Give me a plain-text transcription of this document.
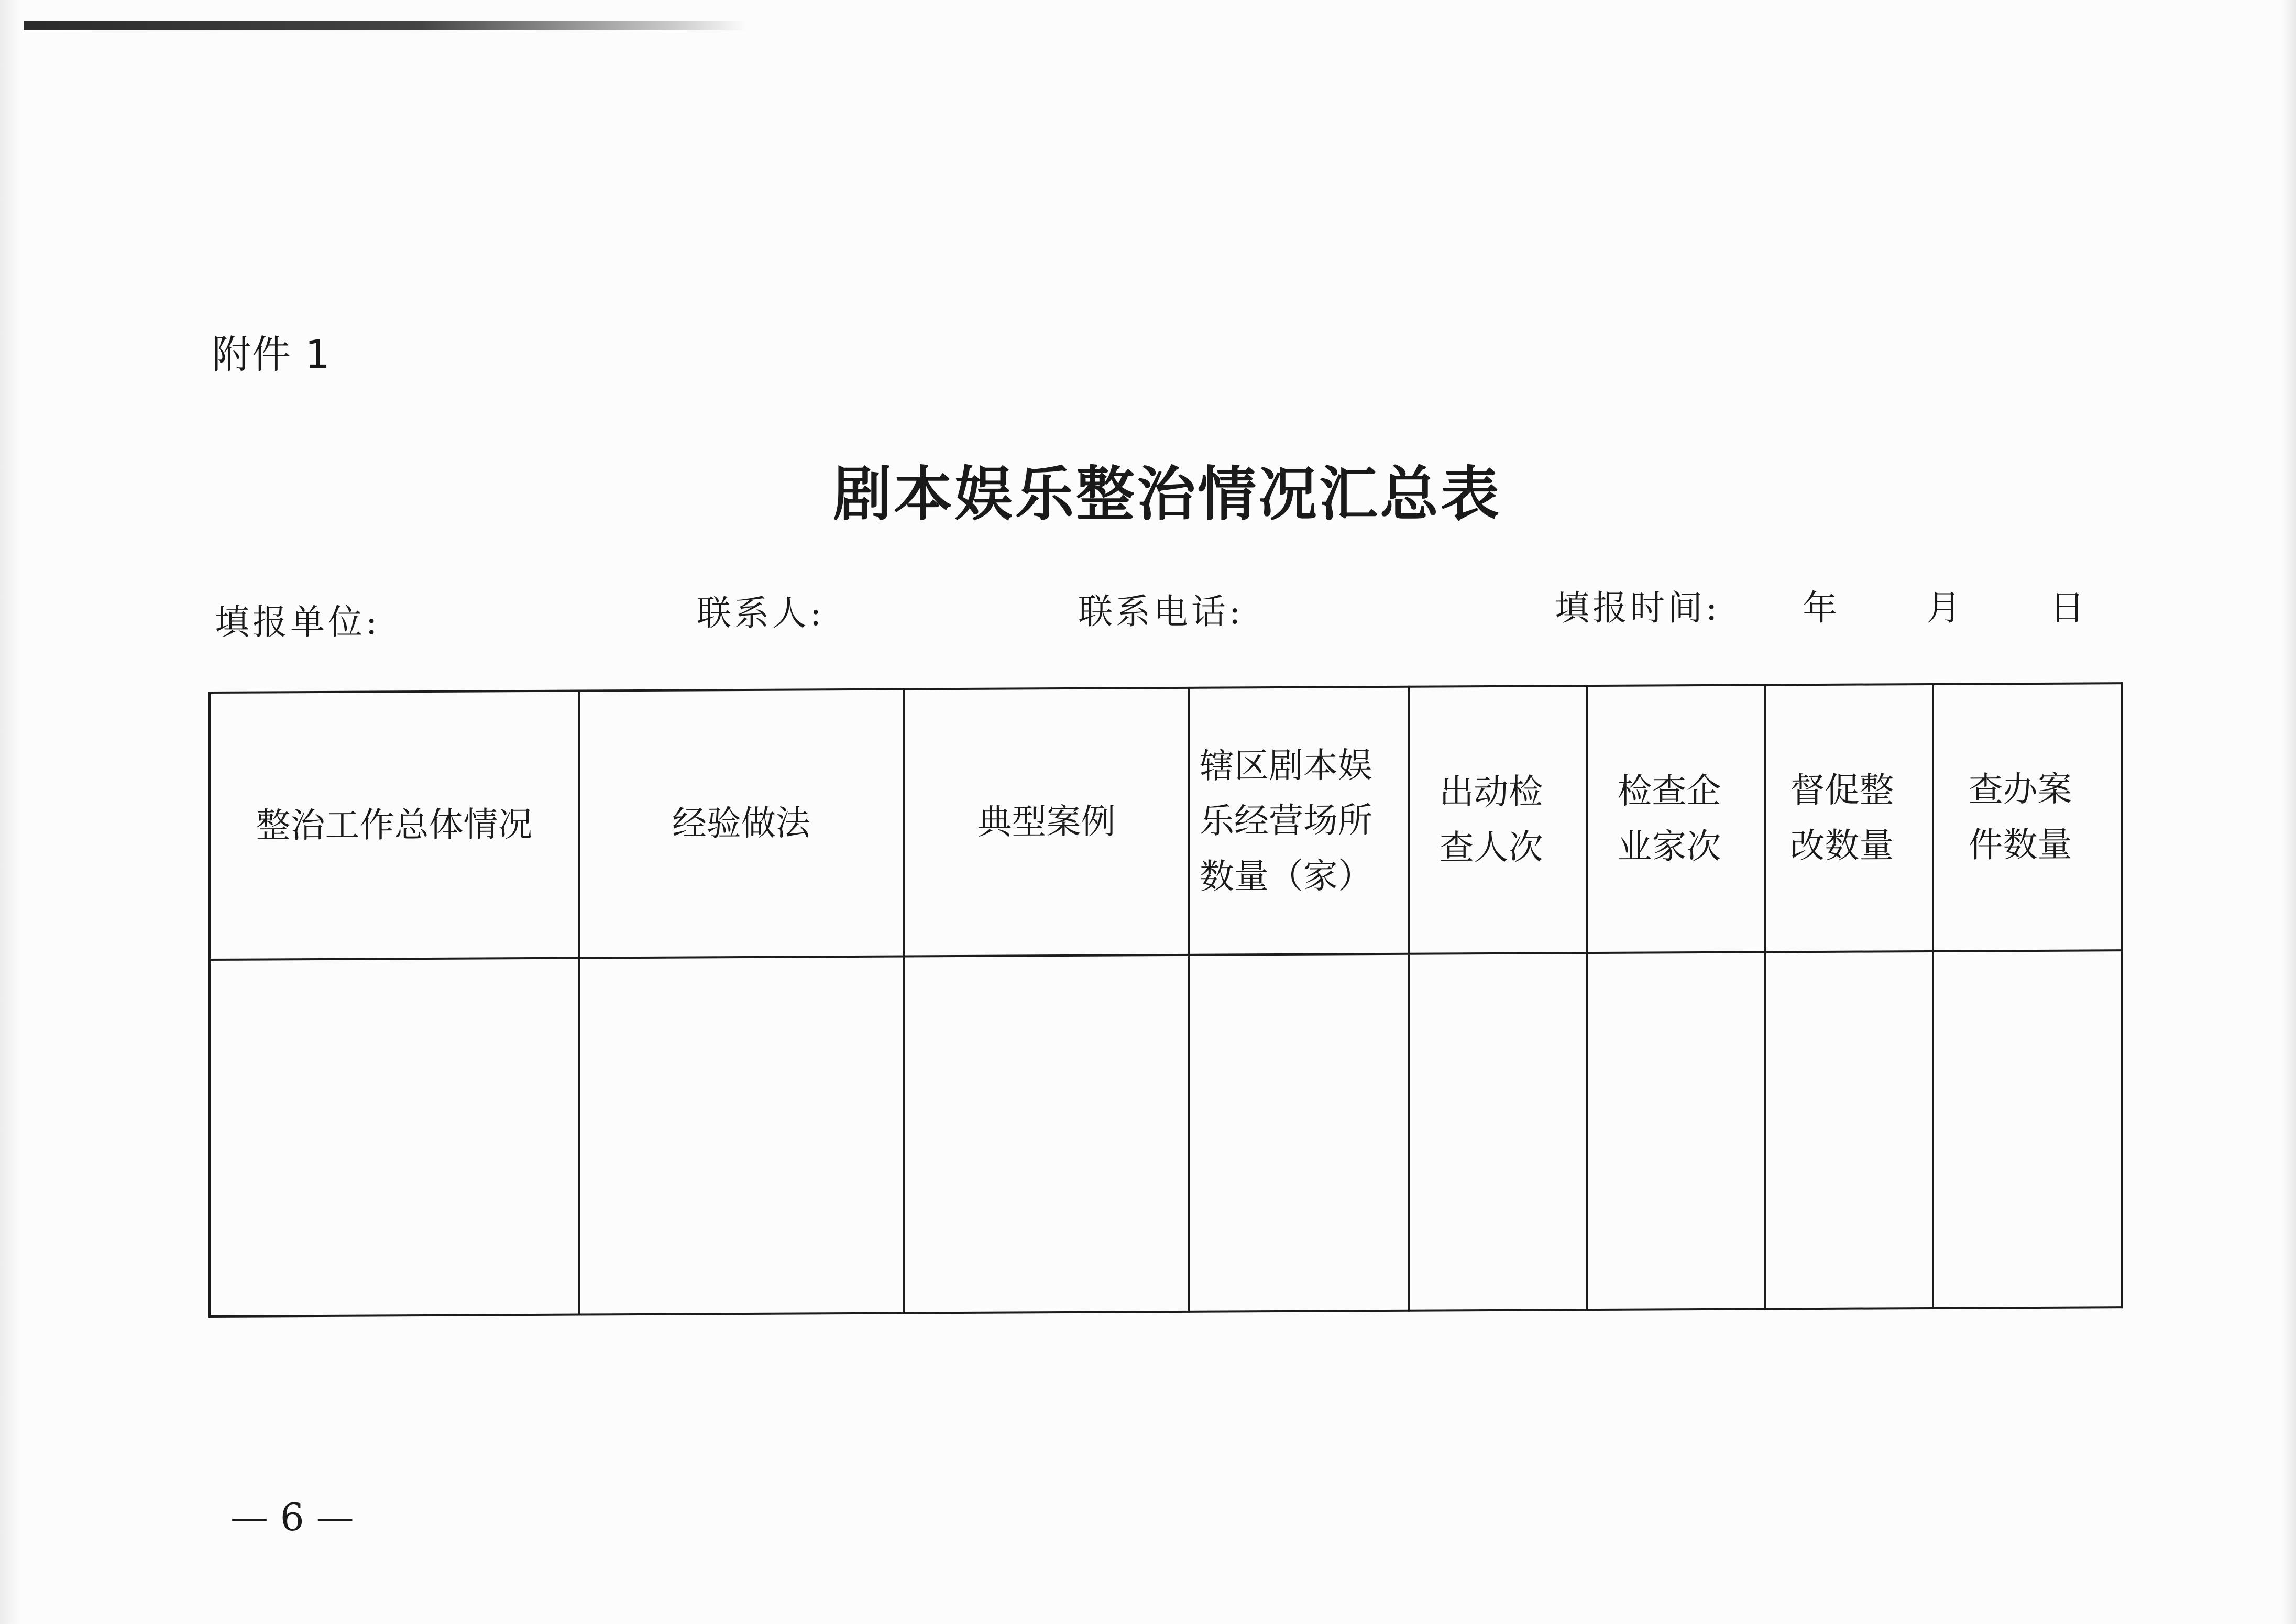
附件 1
剧本娱乐整治情况汇总表
填报单位:	联系人:	联系电话:	填报时间: 年 月 日
整治工作总体情况	经验做法	典型案例	辖区剧本娱乐经营场所数量（家）	出动检查人次	检查企业家次	督促整改数量	查办案件数量

— 6 —
